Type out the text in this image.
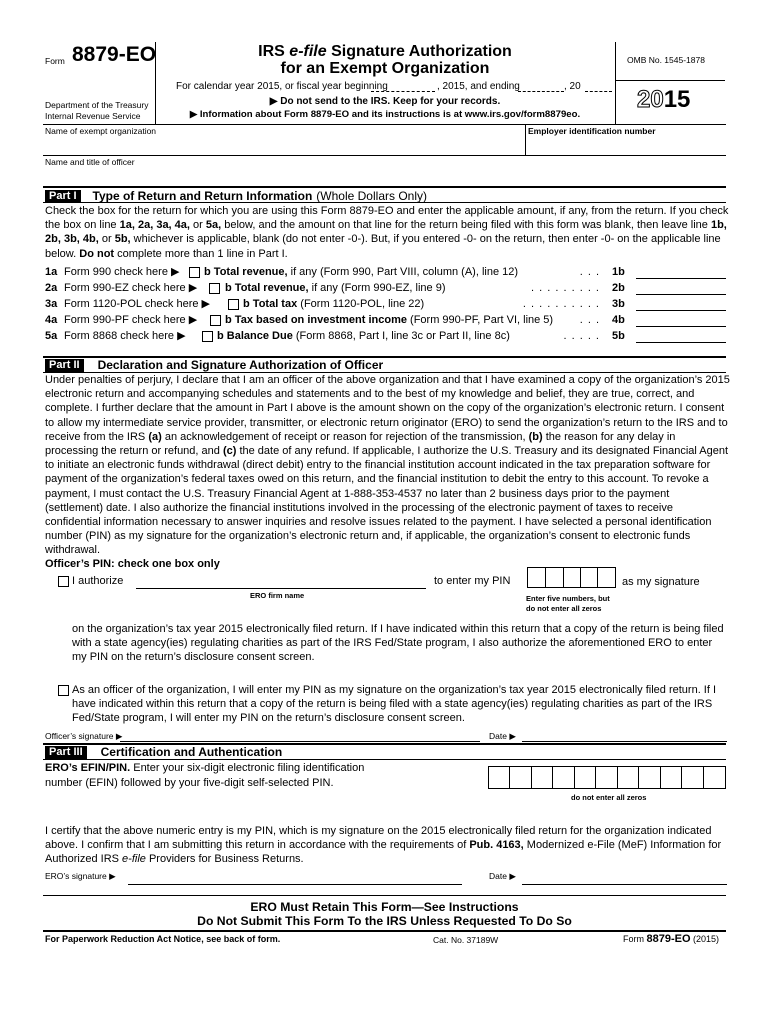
Form 8879-EO
Department of the Treasury
Internal Revenue Service
IRS e-file Signature Authorization
for an Exempt Organization
For calendar year 2015, or fiscal year beginning	, 2015, and ending	, 20
▶ Do not send to the IRS. Keep for your records.
▶ Information about Form 8879-EO and its instructions is at www.irs.gov/form8879eo.
OMB No. 1545-1878
2015
Name of exempt organization	Employer identification number
Name and title of officer
Part I	Type of Return and Return Information (Whole Dollars Only)

Check the box for the return for which you are using this Form 8879-EO and enter the applicable amount, if any, from the return. If you check the box on line 1a, 2a, 3a, 4a, or 5a, below, and the amount on that line for the return being filed with this form was blank, then leave line 1b, 2b, 3b, 4b, or 5b, whichever is applicable, blank (do not enter -0-). But, if you entered -0- on the return, then enter -0- on the applicable line below. Do not complete more than 1 line in Part I.

1a Form 990 check here ▶ b Total revenue, if any (Form 990, Part VIII, column (A), line 12)	. . . 1b
2a Form 990-EZ check here ▶	b Total revenue, if any (Form 990-EZ, line 9)	. . . . . . . . . 2b
3a Form 1120-POL check here ▶	b Total tax (Form 1120-POL, line 22)	. . . . . . . . . . 3b
4a Form 990-PF check here ▶	b Tax based on investment income (Form 990-PF, Part VI, line 5) . . . 4b
5a Form 8868 check here ▶	b Balance Due (Form 8868, Part I, line 3c or Part II, line 8c)	. . . . . 5b
Part II	Declaration and Signature Authorization of Officer

Under penalties of perjury, I declare that I am an officer of the above organization and that I have examined a copy of the organization’s 2015 electronic return and accompanying schedules and statements and to the best of my knowledge and belief, they are true, correct, and complete. I further declare that the amount in Part I above is the amount shown on the copy of the organization’s electronic return. I consent to allow my intermediate service provider, transmitter, or electronic return originator (ERO) to send the organization’s return to the IRS and to receive from the IRS (a) an acknowledgement of receipt or reason for rejection of the transmission, (b) the reason for any delay in processing the return or refund, and (c) the date of any refund. If applicable, I authorize the U.S. Treasury and its designated Financial Agent to initiate an electronic funds withdrawal (direct debit) entry to the financial institution account indicated in the tax preparation software for payment of the organization’s federal taxes owed on this return, and the financial institution to debit the entry to this account. To revoke a payment, I must contact the U.S. Treasury Financial Agent at 1-888-353-4537 no later than 2 business days prior to the payment (settlement) date. I also authorize the financial institutions involved in the processing of the electronic payment of taxes to receive confidential information necessary to answer inquiries and resolve issues related to the payment. I have selected a personal identification number (PIN) as my signature for the organization’s electronic return and, if applicable, the organization’s consent to electronic funds withdrawal.

Officer’s PIN: check one box only
I authorize
ERO firm name
to enter my PIN	as my signature
Enter five numbers, but
do not enter all zeros

on the organization’s tax year 2015 electronically filed return. If I have indicated within this return that a copy of the return is being filed with a state agency(ies) regulating charities as part of the IRS Fed/State program, I also authorize the aforementioned ERO to enter my PIN on the return’s disclosure consent screen.

As an officer of the organization, I will enter my PIN as my signature on the organization’s tax year 2015 electronically filed return. If I have indicated within this return that a copy of the return is being filed with a state agency(ies) regulating charities as part of the IRS Fed/State program, I will enter my PIN on the return’s disclosure consent screen.

Officer’s signature ▶	Date ▶
Part III	Certification and Authentication
ERO’s EFIN/PIN. Enter your six-digit electronic filing identification
number (EFIN) followed by your five-digit self-selected PIN.
do not enter all zeros

I certify that the above numeric entry is my PIN, which is my signature on the 2015 electronically filed return for the organization indicated above. I confirm that I am submitting this return in accordance with the requirements of Pub. 4163, Modernized e-File (MeF) Information for Authorized IRS e-file Providers for Business Returns.

ERO’s signature ▶	Date ▶
ERO Must Retain This Form—See Instructions
Do Not Submit This Form To the IRS Unless Requested To Do So
For Paperwork Reduction Act Notice, see back of form.	Cat. No. 37189W	Form 8879-EO (2015)
